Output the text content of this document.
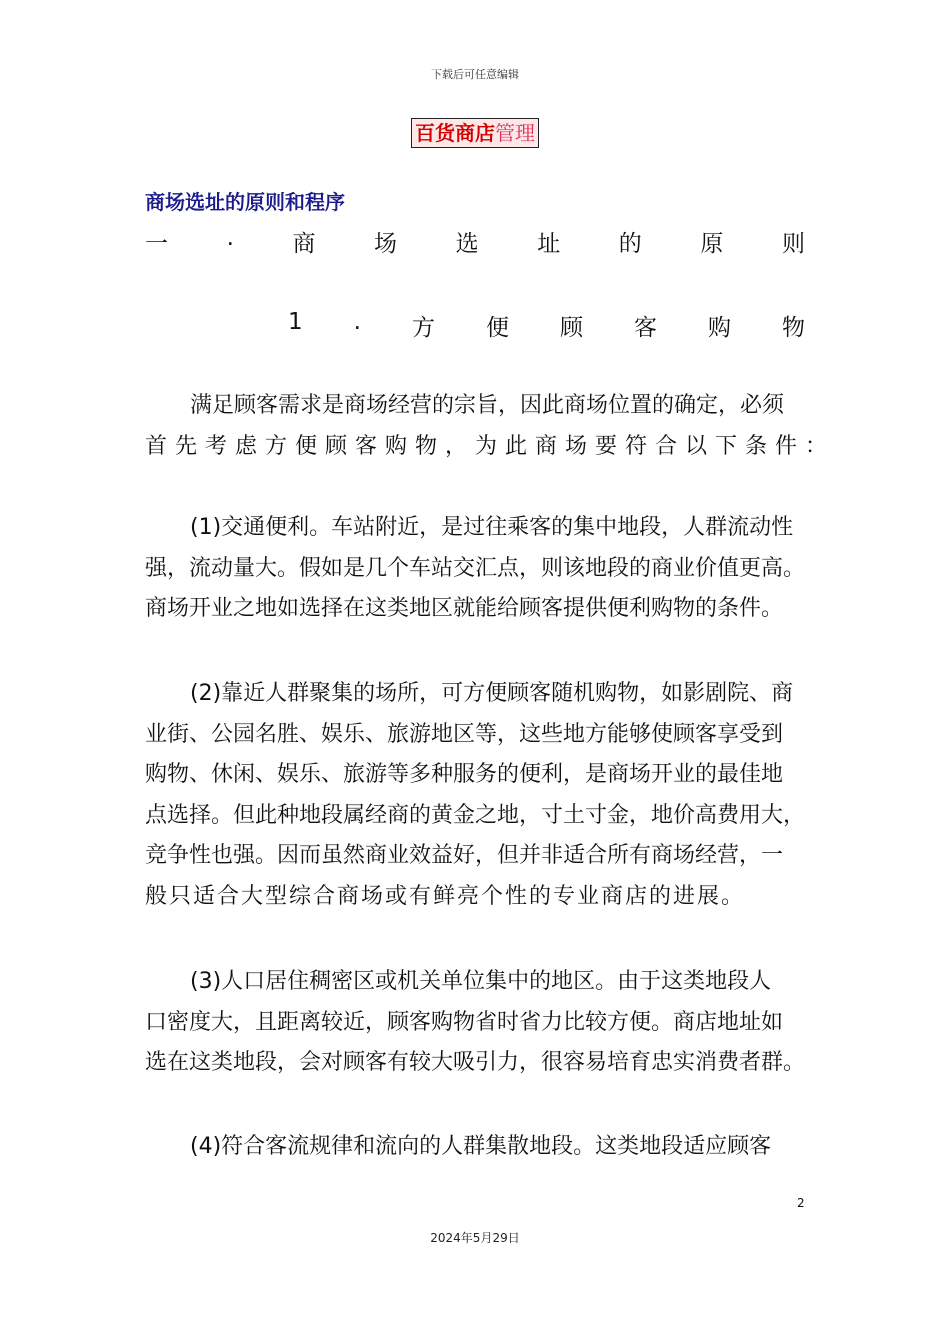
下载后可任意编辑
百货商店管理
商场选址的原则和程序
一	.	商	场	选	址	的	原	则
1 . 方 便 顾 客 购 物

满足顾客需求是商场经营的宗旨，因此商场位置的确定，必须
首先考虑方便顾客购物，为此商场要符合以下条件：

(1)交通便利。车站附近，是过往乘客的集中地段，人群流动性
强，流动量大。假如是几个车站交汇点，则该地段的商业价值更高。
商场开业之地如选择在这类地区就能给顾客提供便利购物的条件。

(2)靠近人群聚集的场所，可方便顾客随机购物，如影剧院、商
业街、公园名胜、娱乐、旅游地区等，这些地方能够使顾客享受到
购物、休闲、娱乐、旅游等多种服务的便利，是商场开业的最佳地
点选择。但此种地段属经商的黄金之地，寸土寸金，地价高费用大，
竞争性也强。因而虽然商业效益好，但并非适合所有商场经营，一
般只适合大型综合商场或有鲜亮个性的专业商店的进展。

(3)人口居住稠密区或机关单位集中的地区。由于这类地段人
口密度大，且距离较近，顾客购物省时省力比较方便。商店地址如
选在这类地段，会对顾客有较大吸引力，很容易培育忠实消费者群。

(4)符合客流规律和流向的人群集散地段。这类地段适应顾客

2
2024年5月29日
